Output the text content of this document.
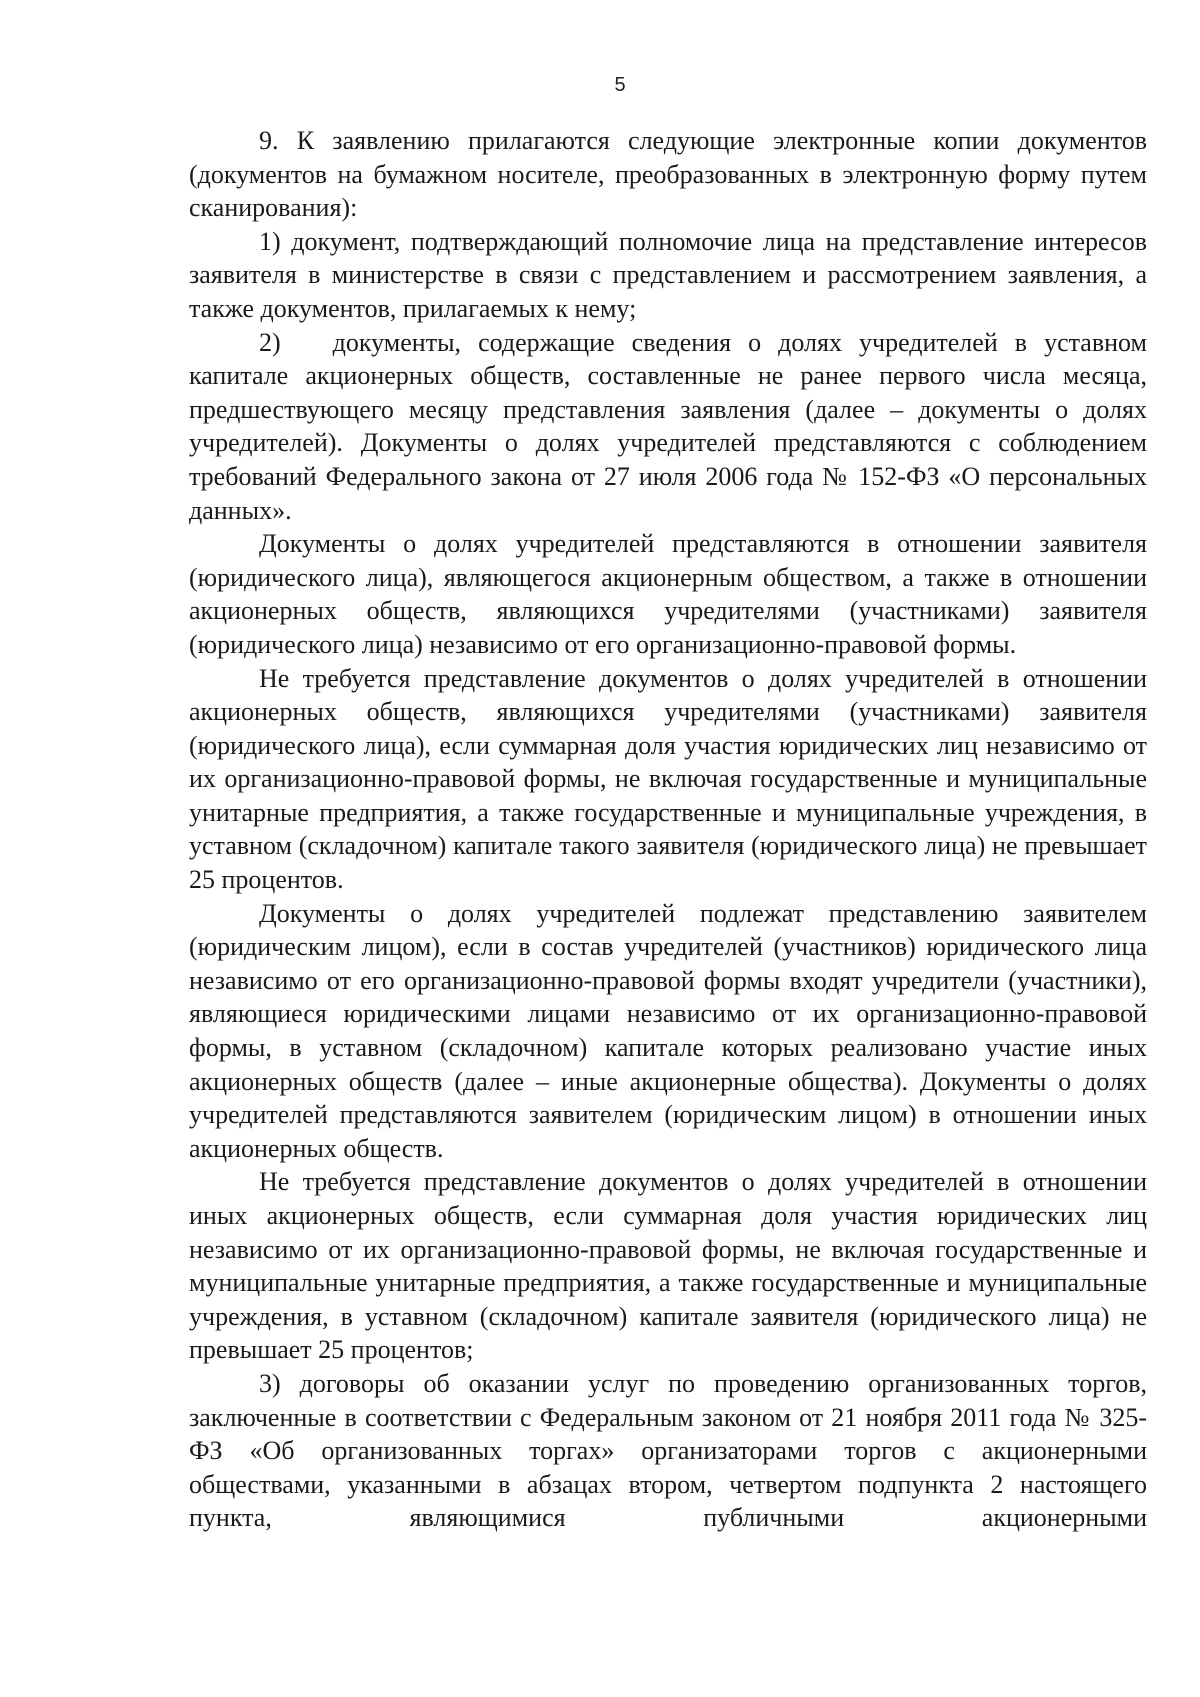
5

9. К заявлению прилагаются следующие электронные копии документов (документов на бумажном носителе, преобразованных в электронную форму путем сканирования):

1) документ, подтверждающий полномочие лица на представление интересов заявителя в министерстве в связи с представлением и рассмотрением заявления, а также документов, прилагаемых к нему;

2)  документы, содержащие сведения о долях учредителей в уставном капитале акционерных обществ, составленные не ранее первого числа месяца, предшествующего месяцу представления заявления (далее – документы о долях учредителей). Документы о долях учредителей представляются с соблюдением требований Федерального закона от 27 июля 2006 года № 152-ФЗ «О персональных данных».

Документы о долях учредителей представляются в отношении заявителя (юридического лица), являющегося акционерным обществом, а также в отношении акционерных обществ, являющихся учредителями (участниками) заявителя (юридического лица) независимо от его организационно-правовой формы.

Не требуется представление документов о долях учредителей в отношении акционерных обществ, являющихся учредителями (участниками) заявителя (юридического лица), если суммарная доля участия юридических лиц независимо от их организационно-правовой формы, не включая государственные и муниципальные унитарные предприятия, а также государственные и муниципальные учреждения, в уставном (складочном) капитале такого заявителя (юридического лица) не превышает 25 процентов.

Документы о долях учредителей подлежат представлению заявителем (юридическим лицом), если в состав учредителей (участников) юридического лица независимо от его организационно-правовой формы входят учредители (участники), являющиеся юридическими лицами независимо от их организационно-правовой формы, в уставном (складочном) капитале которых реализовано участие иных акционерных обществ (далее – иные акционерные общества). Документы о долях учредителей представляются заявителем (юридическим лицом) в отношении иных акционерных обществ.

Не требуется представление документов о долях учредителей в отношении иных акционерных обществ, если суммарная доля участия юридических лиц независимо от их организационно-правовой формы, не включая государственные и муниципальные унитарные предприятия, а также государственные и муниципальные учреждения, в уставном (складочном) капитале заявителя (юридического лица) не превышает 25 процентов;

3) договоры об оказании услуг по проведению организованных торгов, заключенные в соответствии с Федеральным законом от 21 ноября 2011 года № 325-ФЗ «Об организованных торгах» организаторами торгов с акционерными обществами, указанными в абзацах втором, четвертом подпункта 2 настоящего пункта, являющимися публичными акционерными
